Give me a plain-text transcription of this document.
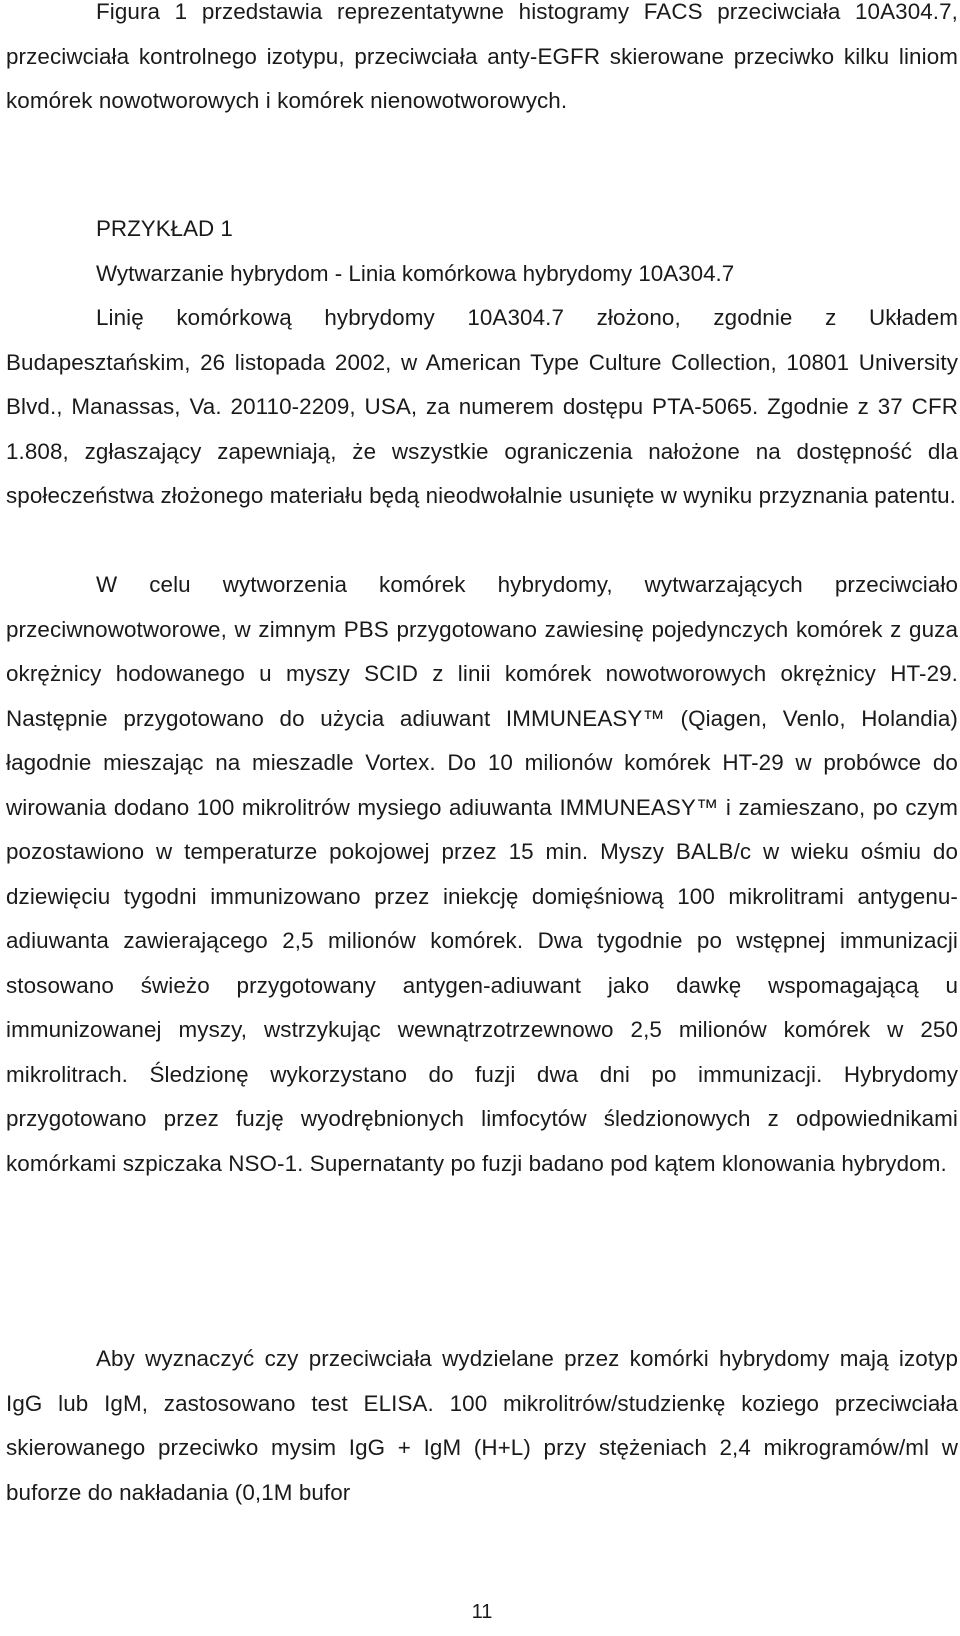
Figura 1 przedstawia reprezentatywne histogramy FACS przeciwciała 10A304.7, przeciwciała kontrolnego izotypu, przeciwciała anty-EGFR skierowane przeciwko kilku liniom komórek nowotworowych i komórek nienowotworowych.

PRZYKŁAD 1
Wytwarzanie hybrydom - Linia komórkowa hybrydomy 10A304.7

Linię komórkową hybrydomy 10A304.7 złożono, zgodnie z Układem Budapesztańskim, 26 listopada 2002, w American Type Culture Collection, 10801 University Blvd., Manassas, Va. 20110-2209, USA, za numerem dostępu PTA-5065. Zgodnie z 37 CFR 1.808, zgłaszający zapewniają, że wszystkie ograniczenia nałożone na dostępność dla społeczeństwa złożonego materiału będą nieodwołalnie usunięte w wyniku przyznania patentu.

W celu wytworzenia komórek hybrydomy, wytwarzających przeciwciało przeciwnowotworowe, w zimnym PBS przygotowano zawiesinę pojedynczych komórek z guza okrężnicy hodowanego u myszy SCID z linii komórek nowotworowych okrężnicy HT-29. Następnie przygotowano do użycia adiuwant IMMUNEASY™ (Qiagen, Venlo, Holandia) łagodnie mieszając na mieszadle Vortex. Do 10 milionów komórek HT-29 w probówce do wirowania dodano 100 mikrolitrów mysiego adiuwanta IMMUNEASY™ i zamieszano, po czym pozostawiono w temperaturze pokojowej przez 15 min. Myszy BALB/c w wieku ośmiu do dziewięciu tygodni immunizowano przez iniekcję domięśniową 100 mikrolitrami antygenu-adiuwanta zawierającego 2,5 milionów komórek. Dwa tygodnie po wstępnej immunizacji stosowano świeżo przygotowany antygen-adiuwant jako dawkę wspomagającą u immunizowanej myszy, wstrzykując wewnątrzotrzewnowo 2,5 milionów komórek w 250 mikrolitrach. Śledzionę wykorzystano do fuzji dwa dni po immunizacji. Hybrydomy przygotowano przez fuzję wyodrębnionych limfocytów śledzionowych z odpowiednikami komórkami szpiczaka NSO-1. Supernatanty po fuzji badano pod kątem klonowania hybrydom.

Aby wyznaczyć czy przeciwciała wydzielane przez komórki hybrydomy mają izotyp IgG lub IgM, zastosowano test ELISA. 100 mikrolitrów/studzienkę koziego przeciwciała skierowanego przeciwko mysim IgG + IgM (H+L) przy stężeniach 2,4 mikrogramów/ml w buforze do nakładania (0,1M bufor

11
